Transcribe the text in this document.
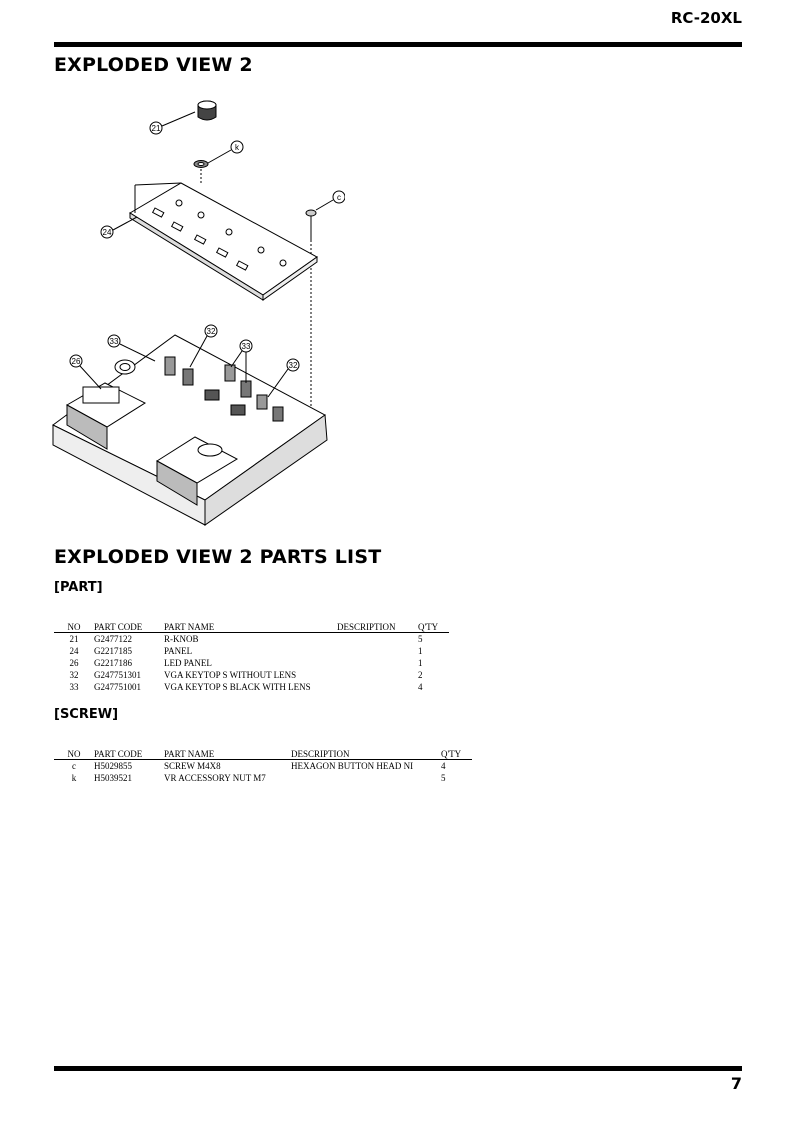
RC-20XL
EXPLODED VIEW 2
21
k
c
24
33
32
33
26	32
EXPLODED VIEW 2 PARTS LIST
[PART]
NO	PART CODE	PART NAME	DESCRIPTION	Q'TY
21	G2477122	R-KNOB		5
24	G2217185	PANEL		1
26	G2217186	LED PANEL		1
32	G247751301	VGA KEYTOP S WITHOUT LENS		2
33	G247751001	VGA KEYTOP S BLACK WITH LENS		4
[SCREW]
NO	PART CODE	PART NAME	DESCRIPTION	Q'TY
c	H5029855	SCREW M4X8	HEXAGON BUTTON HEAD NI	4
k	H5039521	VR ACCESSORY NUT M7		5
7
